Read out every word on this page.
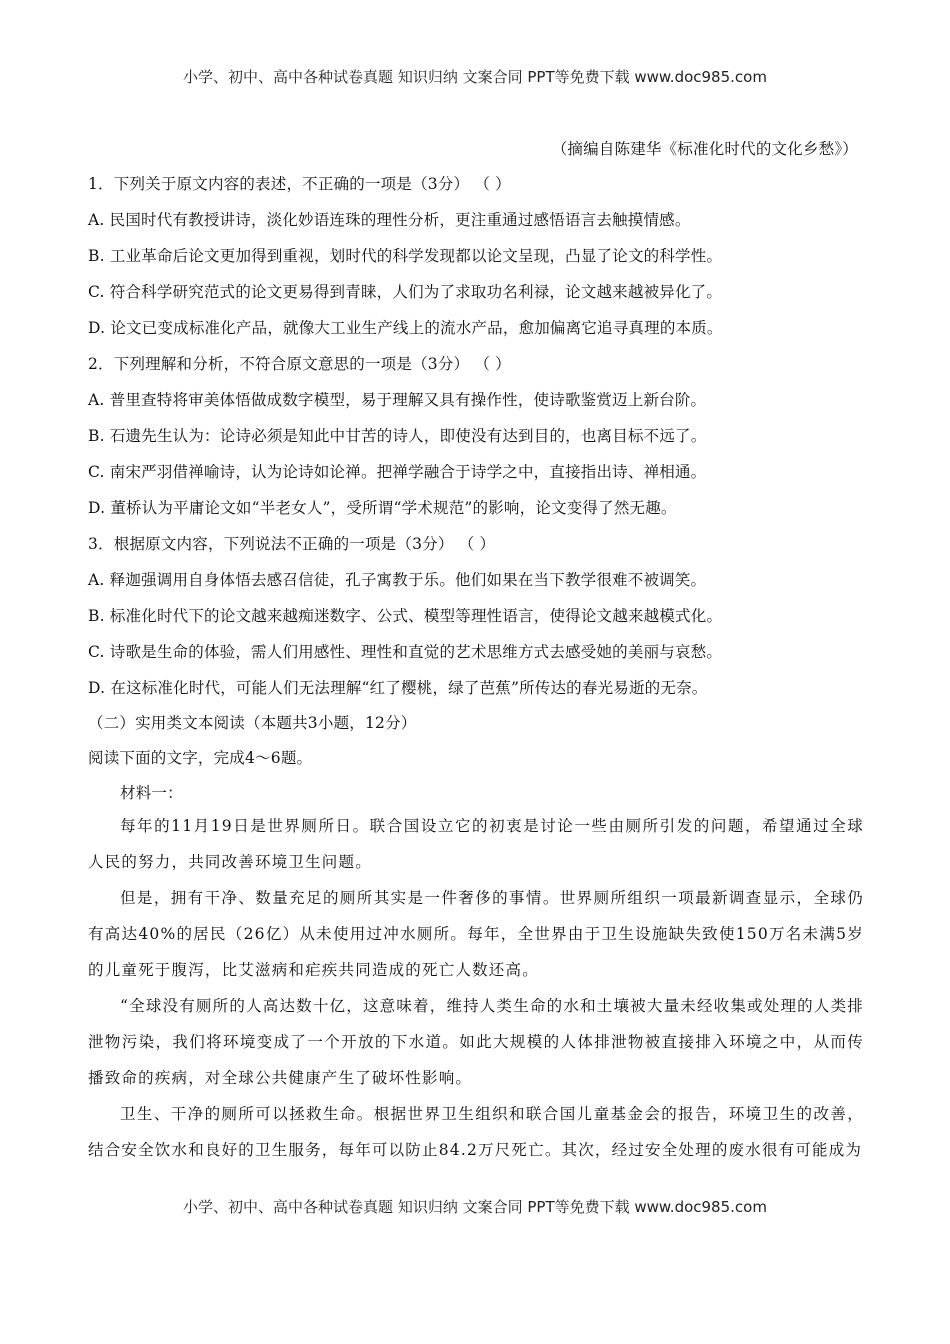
小学、初中、高中各种试卷真题 知识归纳 文案合同 PPT等免费下载 www.doc985.com
（摘编自陈建华《标准化时代的文化乡愁》）
1．下列关于原文内容的表述，不正确的一项是（3分） （ ）
A. 民国时代有教授讲诗，淡化妙语连珠的理性分析，更注重通过感悟语言去触摸情感。
B. 工业革命后论文更加得到重视，划时代的科学发现都以论文呈现，凸显了论文的科学性。
C. 符合科学研究范式的论文更易得到青睐，人们为了求取功名利禄，论文越来越被异化了。
D. 论文已变成标准化产品，就像大工业生产线上的流水产品，愈加偏离它追寻真理的本质。
2．下列理解和分析，不符合原文意思的一项是（3分） （ ）
A. 普里查特将审美体悟做成数字模型，易于理解又具有操作性，使诗歌鉴赏迈上新台阶。
B. 石遗先生认为：论诗必须是知此中甘苦的诗人，即使没有达到目的，也离目标不远了。
C. 南宋严羽借禅喻诗，认为论诗如论禅。把禅学融合于诗学之中，直接指出诗、禅相通。
D. 董桥认为平庸论文如“半老女人”，受所谓“学术规范”的影响，论文变得了然无趣。
3．根据原文内容，下列说法不正确的一项是（3分） （ ）
A. 释迦强调用自身体悟去感召信徒，孔子寓教于乐。他们如果在当下教学很难不被调笑。
B. 标准化时代下的论文越来越痴迷数字、公式、模型等理性语言，使得论文越来越模式化。
C. 诗歌是生命的体验，需人们用感性、理性和直觉的艺术思维方式去感受她的美丽与哀愁。
D. 在这标准化时代，可能人们无法理解“红了樱桃，绿了芭蕉”所传达的春光易逝的无奈。
（二）实用类文本阅读（本题共3小题，12分）
阅读下面的文字，完成4～6题。
材料一：
每年的11月19日是世界厕所日。联合国设立它的初衷是讨论一些由厕所引发的问题，希望通过全球人民的努力，共同改善环境卫生问题。
但是，拥有干净、数量充足的厕所其实是一件奢侈的事情。世界厕所组织一项最新调查显示，全球仍有高达40%的居民（26亿）从未使用过冲水厕所。每年，全世界由于卫生设施缺失致使150万名未满5岁的儿童死于腹泻，比艾滋病和疟疾共同造成的死亡人数还高。
“全球没有厕所的人高达数十亿，这意味着，维持人类生命的水和土壤被大量未经收集或处理的人类排泄物污染，我们将环境变成了一个开放的下水道。如此大规模的人体排泄物被直接排入环境之中，从而传播致命的疾病，对全球公共健康产生了破坏性影响。
卫生、干净的厕所可以拯救生命。根据世界卫生组织和联合国儿童基金会的报告，环境卫生的改善，结合安全饮水和良好的卫生服务，每年可以防止84.2万尺死亡。其次，经过安全处理的废水很有可能成为
小学、初中、高中各种试卷真题 知识归纳 文案合同 PPT等免费下载 www.doc985.com
